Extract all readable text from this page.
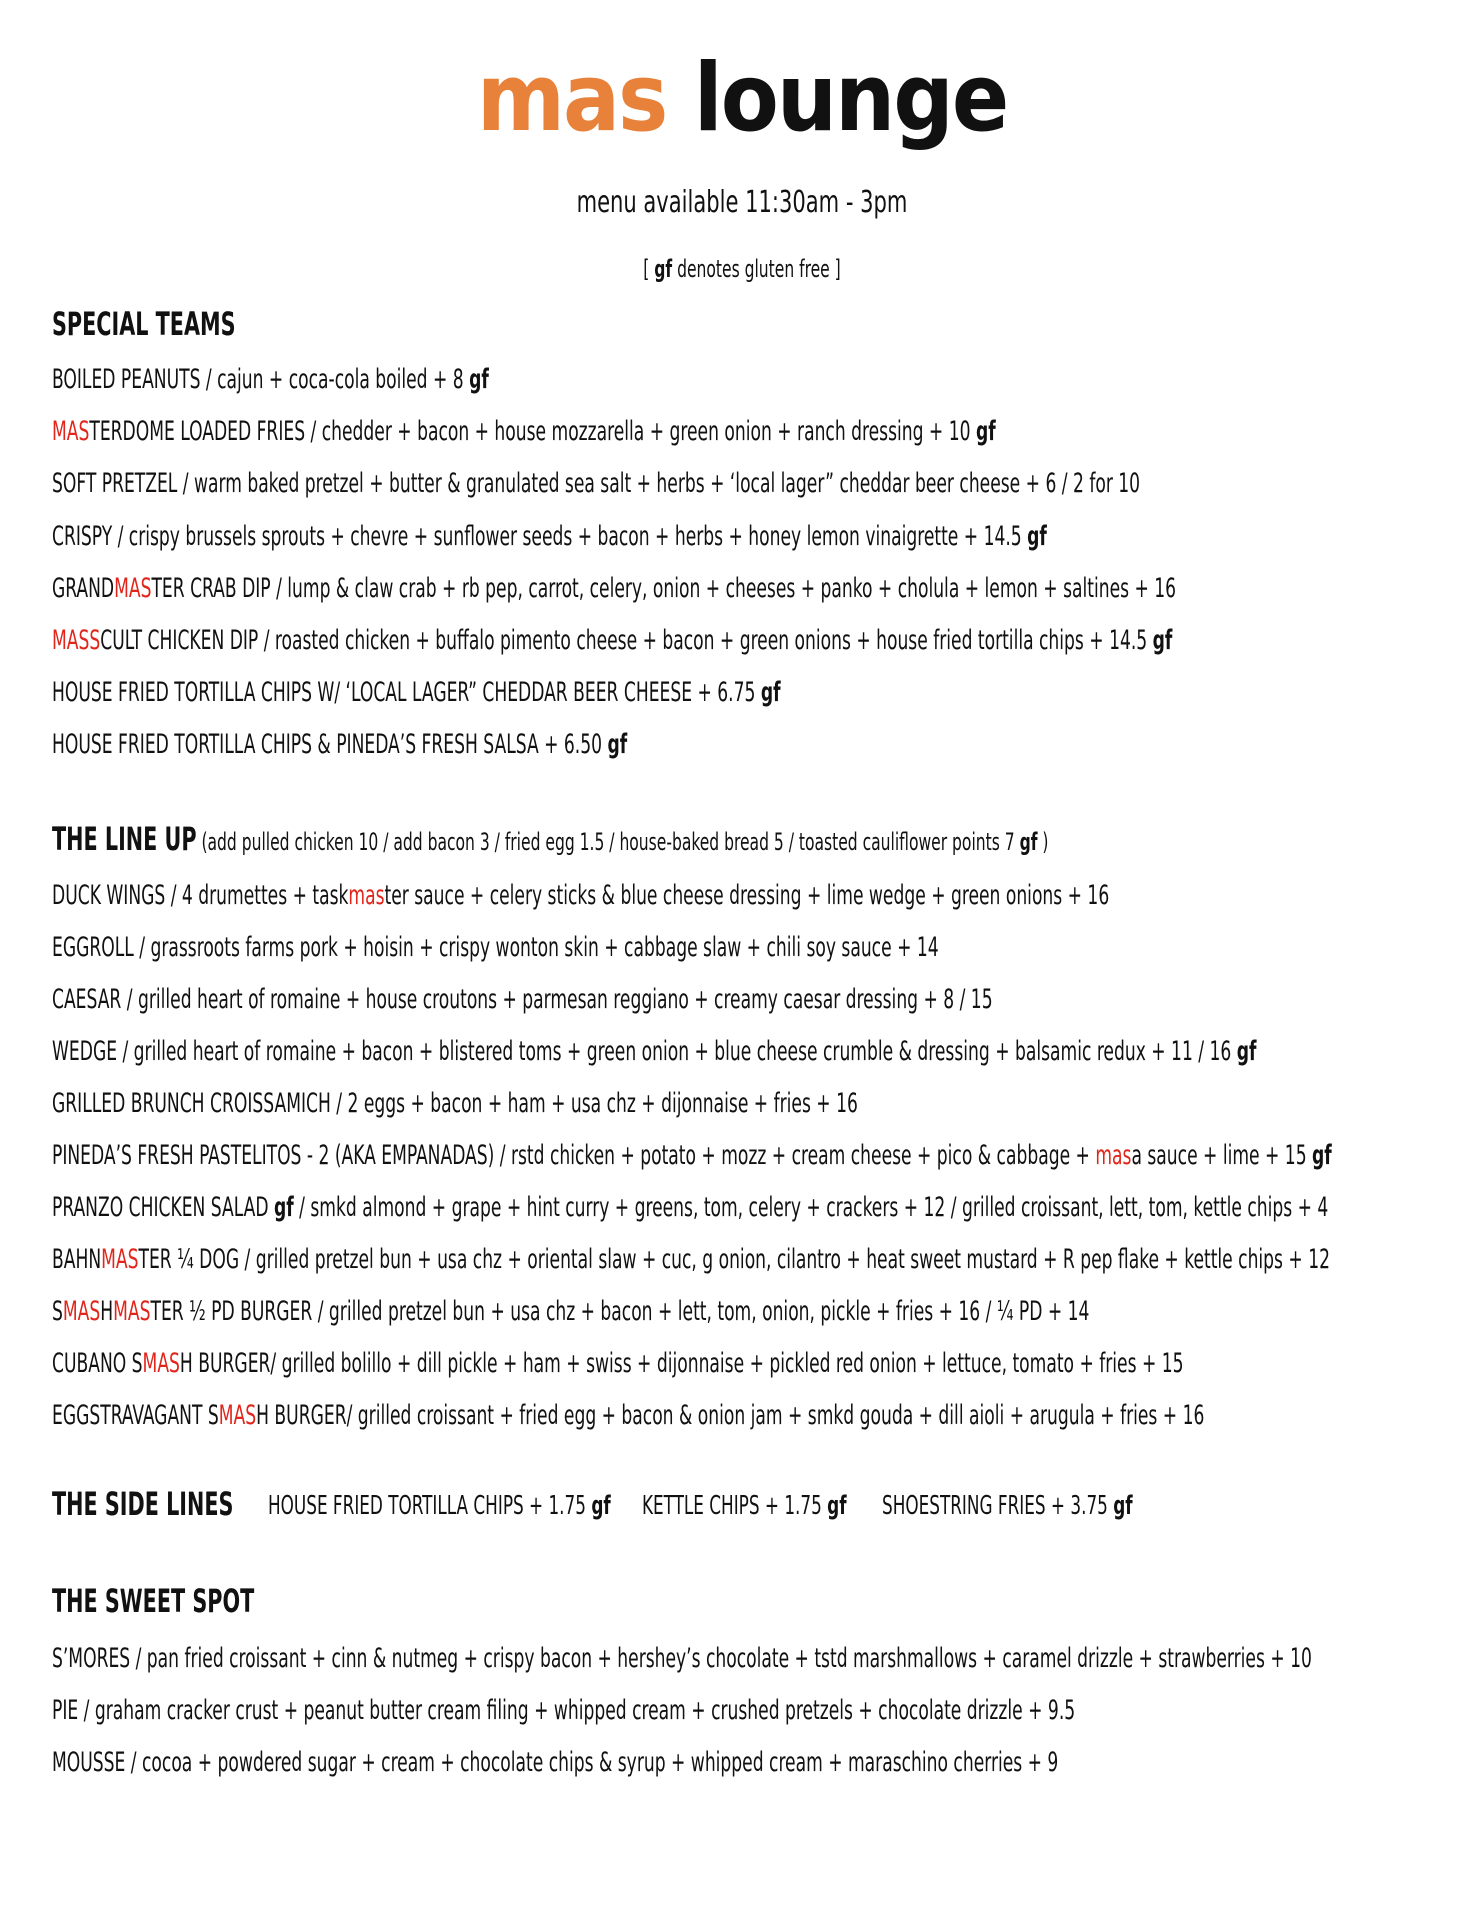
mas lounge
menu available 11:30am - 3pm
[ gf denotes gluten free ]
SPECIAL TEAMS
BOILED PEANUTS / cajun + coca-cola boiled + 8 gf
MASTERDOME LOADED FRIES / chedder + bacon + house mozzarella + green onion + ranch dressing + 10 gf
SOFT PRETZEL / warm baked pretzel + butter & granulated sea salt + herbs + ‘local lager” cheddar beer cheese + 6 / 2 for 10
CRISPY / crispy brussels sprouts + chevre + sunflower seeds + bacon + herbs + honey lemon vinaigrette + 14.5 gf
GRANDMASTER CRAB DIP / lump & claw crab + rb pep, carrot, celery, onion + cheeses + panko + cholula + lemon + saltines + 16
MASSCULT CHICKEN DIP / roasted chicken + buffalo pimento cheese + bacon + green onions + house fried tortilla chips + 14.5 gf
HOUSE FRIED TORTILLA CHIPS W/ ‘LOCAL LAGER” CHEDDAR BEER CHEESE + 6.75 gf
HOUSE FRIED TORTILLA CHIPS & PINEDA’S FRESH SALSA + 6.50 gf
THE LINE UP (add pulled chicken 10 / add bacon 3 / fried egg 1.5 / house-baked bread 5 / toasted cauliflower points 7 gf )
DUCK WINGS / 4 drumettes + taskmaster sauce + celery sticks & blue cheese dressing + lime wedge + green onions + 16
EGGROLL / grassroots farms pork + hoisin + crispy wonton skin + cabbage slaw + chili soy sauce + 14
CAESAR / grilled heart of romaine + house croutons + parmesan reggiano + creamy caesar dressing + 8 / 15
WEDGE / grilled heart of romaine + bacon + blistered toms + green onion + blue cheese crumble & dressing + balsamic redux + 11 / 16 gf
GRILLED BRUNCH CROISSAMICH / 2 eggs + bacon + ham + usa chz + dijonnaise + fries + 16
PINEDA’S FRESH PASTELITOS - 2 (AKA EMPANADAS) / rstd chicken + potato + mozz + cream cheese + pico & cabbage + masa sauce + lime + 15 gf
PRANZO CHICKEN SALAD gf / smkd almond + grape + hint curry + greens, tom, celery + crackers + 12 / grilled croissant, lett, tom, kettle chips + 4
BAHNMASTER ¼ DOG / grilled pretzel bun + usa chz + oriental slaw + cuc, g onion, cilantro + heat sweet mustard + R pep flake + kettle chips + 12
SMASHMASTER ½ PD BURGER / grilled pretzel bun + usa chz + bacon + lett, tom, onion, pickle + fries + 16 / ¼ PD + 14
CUBANO SMASH BURGER/ grilled bolillo + dill pickle + ham + swiss + dijonnaise + pickled red onion + lettuce, tomato + fries + 15
EGGSTRAVAGANT SMASH BURGER/ grilled croissant + fried egg + bacon & onion jam + smkd gouda + dill aioli + arugula + fries + 16
THE SIDE LINES HOUSE FRIED TORTILLA CHIPS + 1.75 gf KETTLE CHIPS + 1.75 gf SHOESTRING FRIES + 3.75 gf
THE SWEET SPOT
S’MORES / pan fried croissant + cinn & nutmeg + crispy bacon + hershey’s chocolate + tstd marshmallows + caramel drizzle + strawberries + 10
PIE / graham cracker crust + peanut butter cream filing + whipped cream + crushed pretzels + chocolate drizzle + 9.5
MOUSSE / cocoa + powdered sugar + cream + chocolate chips & syrup + whipped cream + maraschino cherries + 9
